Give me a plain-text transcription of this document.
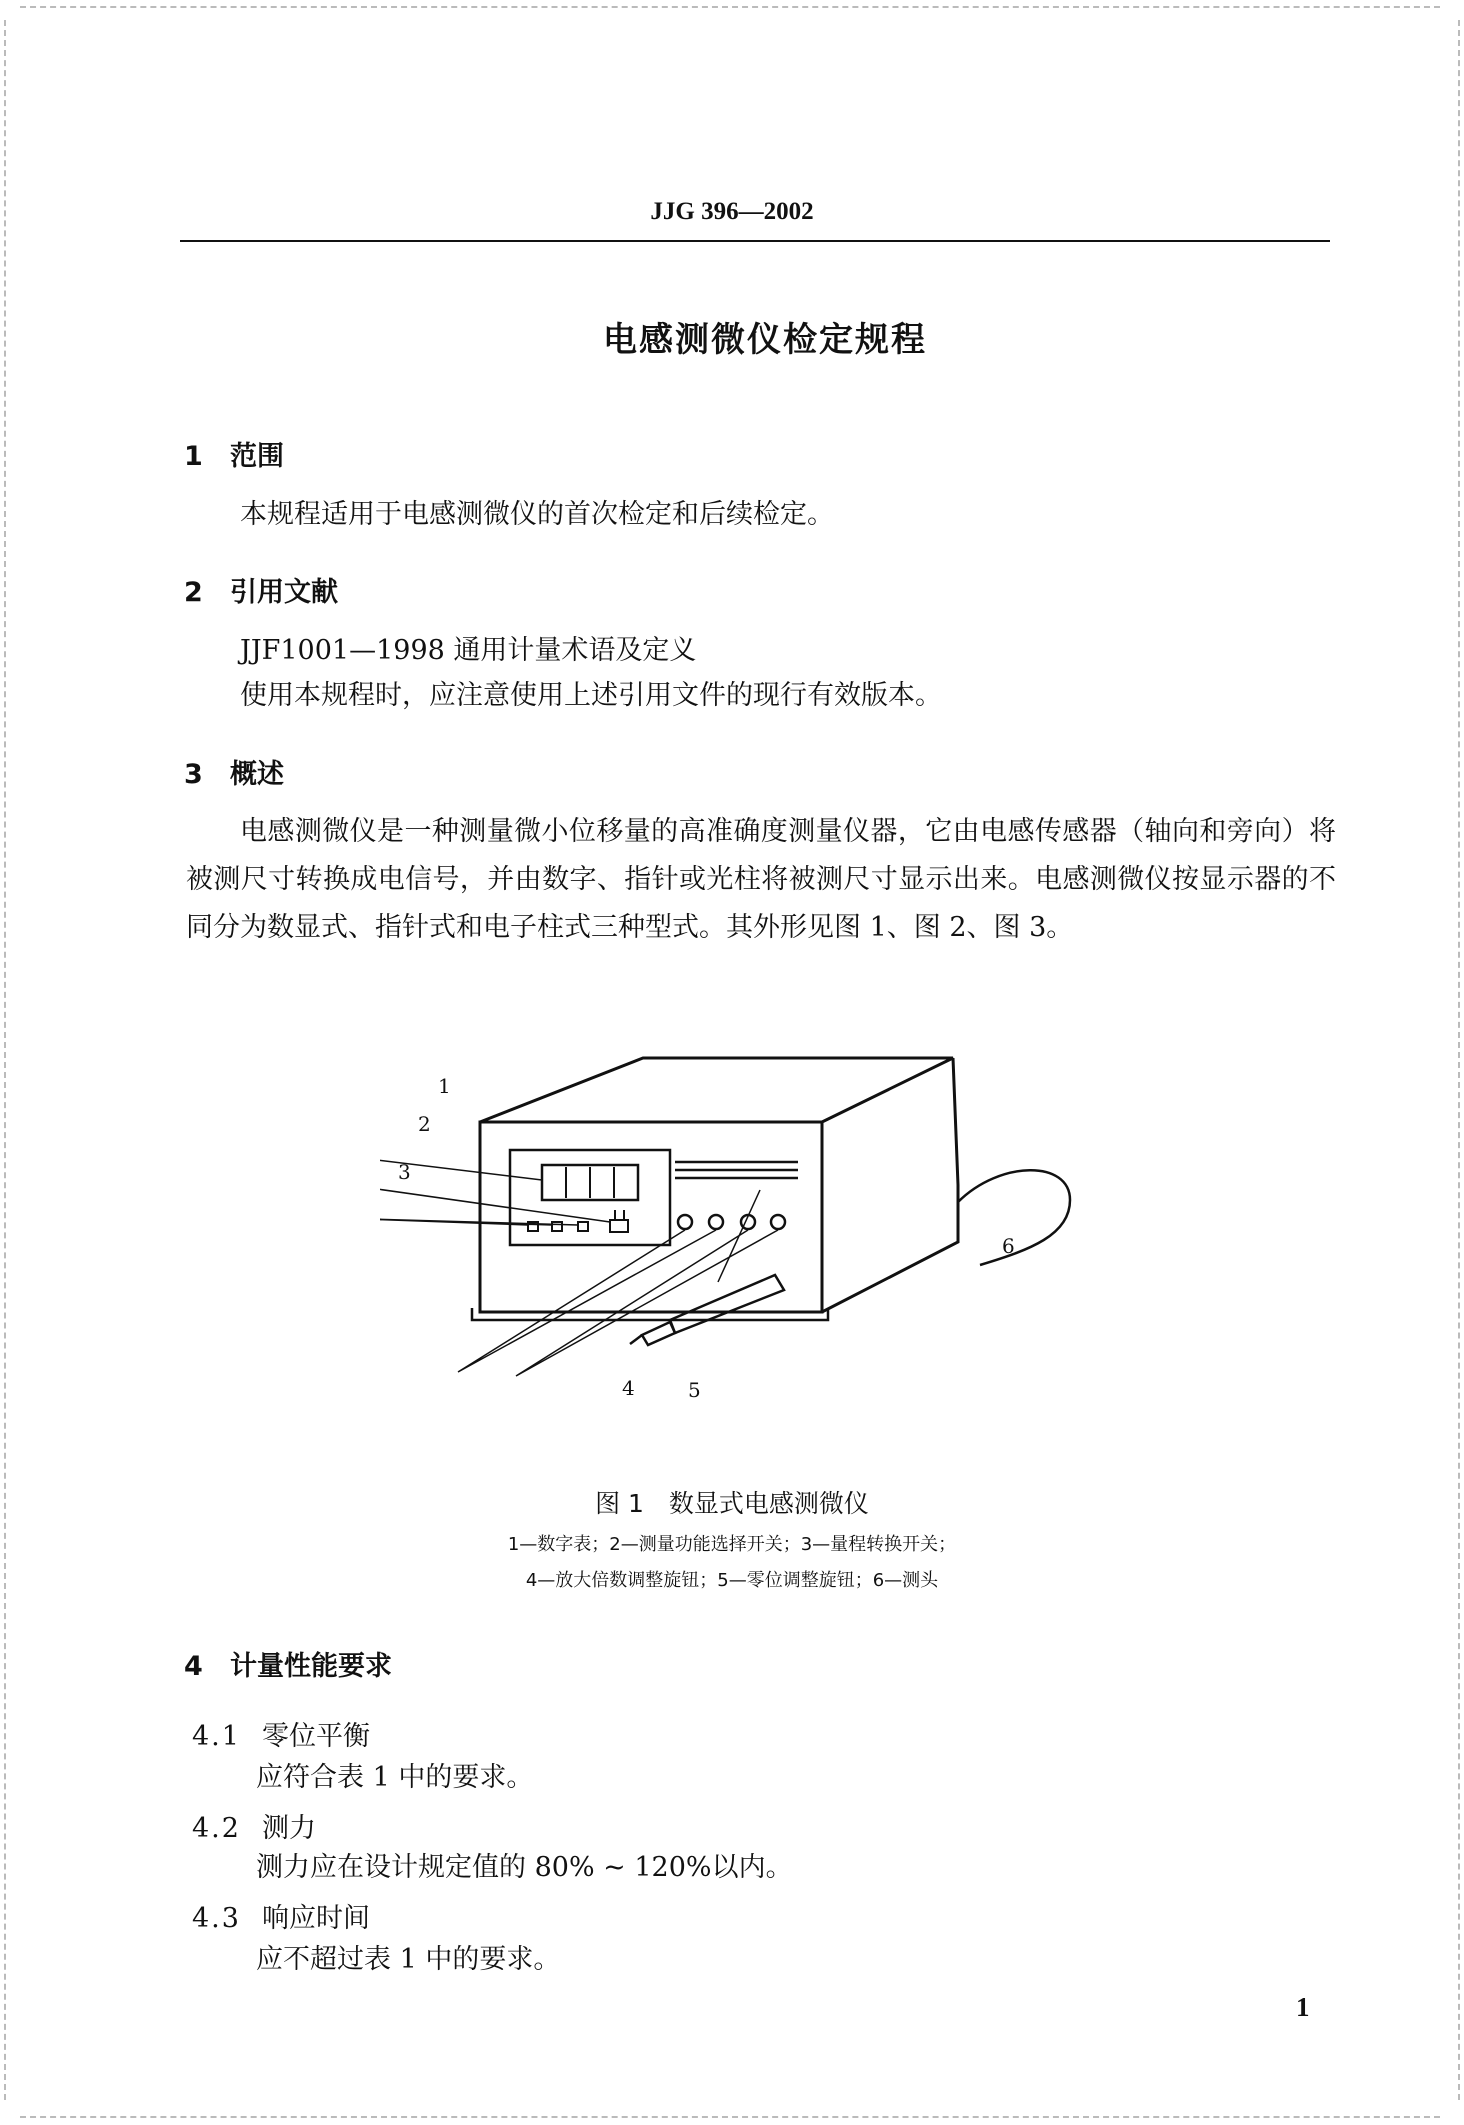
JJG 396—2002
电感测微仪检定规程
1 范围
本规程适用于电感测微仪的首次检定和后续检定。
2 引用文献
JJF1001—1998 通用计量术语及定义
使用本规程时，应注意使用上述引用文件的现行有效版本。
3 概述
电感测微仪是一种测量微小位移量的高准确度测量仪器，它由电感传感器（轴向和旁向）将被测尺寸转换成电信号，并由数字、指针或光柱将被测尺寸显示出来。电感测微仪按显示器的不同分为数显式、指针式和电子柱式三种型式。其外形见图 1、图 2、图 3。
1
2
3
4	5
6
图 1　数显式电感测微仪
1—数字表；2—测量功能选择开关；3—量程转换开关；
4—放大倍数调整旋钮；5—零位调整旋钮；6—测头
4 计量性能要求
4.1 零位平衡
应符合表 1 中的要求。
4.2 测力
测力应在设计规定值的 80% ~ 120%以内。
4.3 响应时间
应不超过表 1 中的要求。
1
